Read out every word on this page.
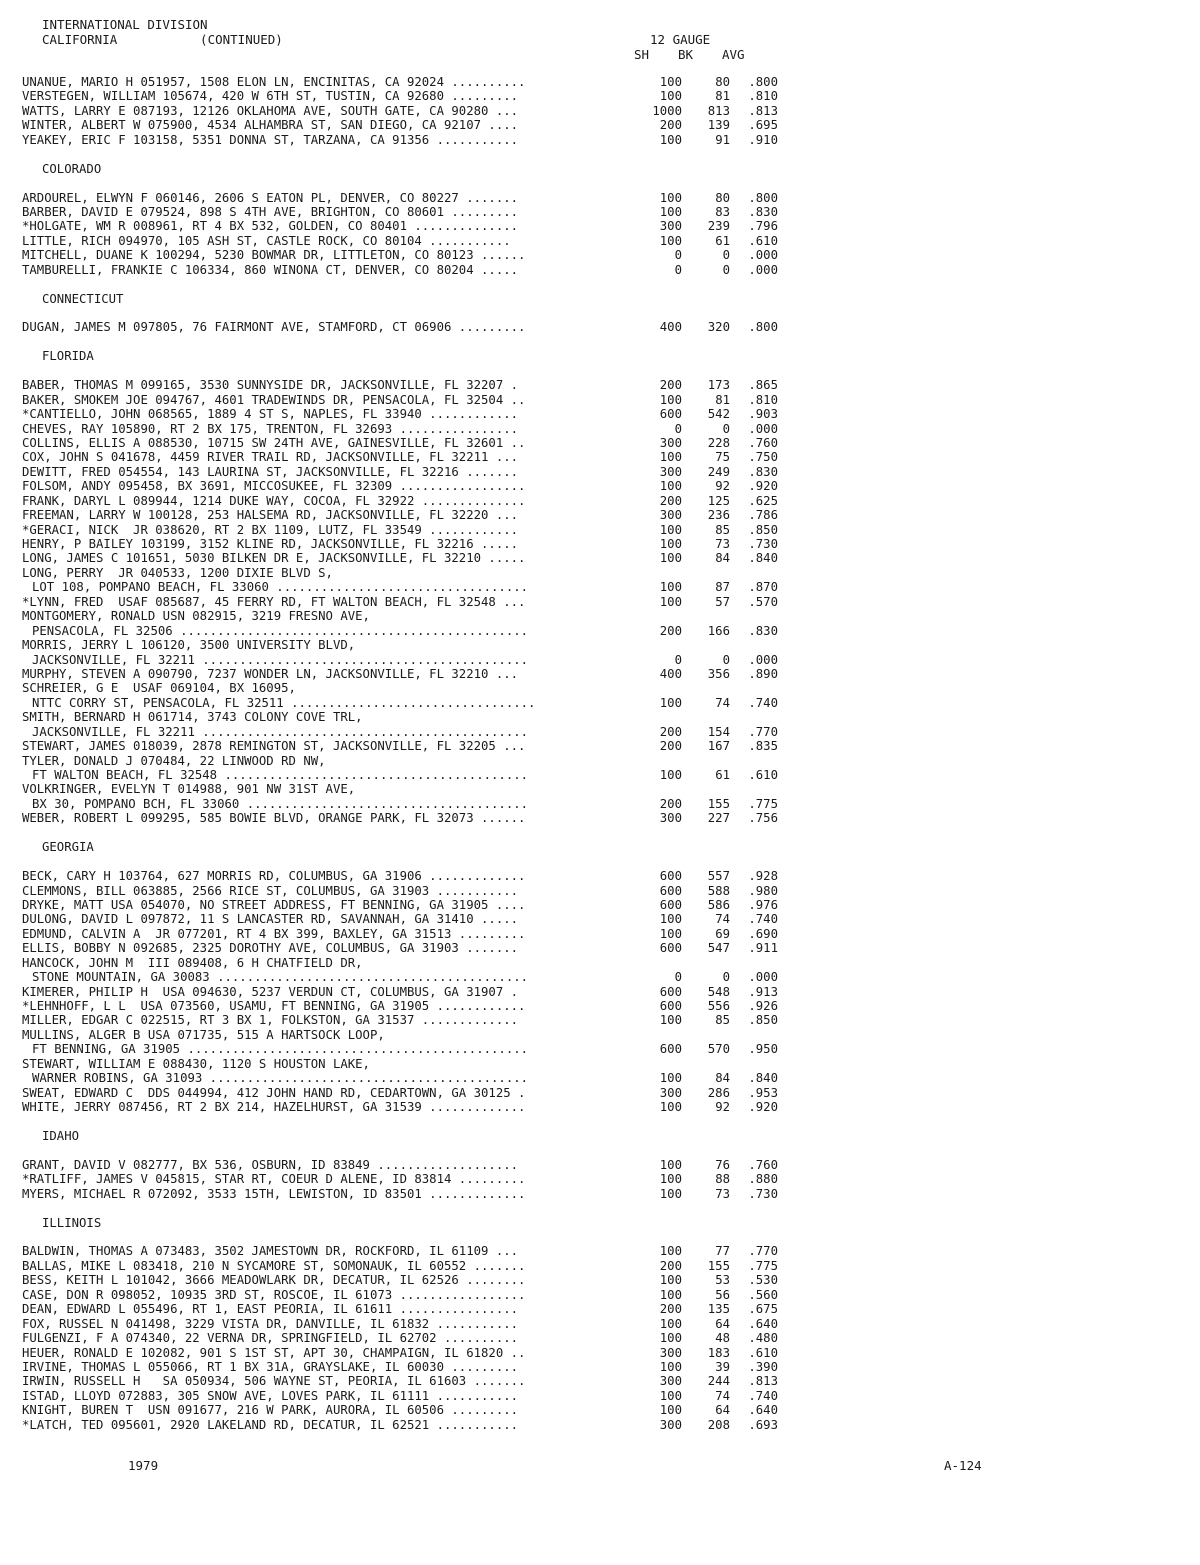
INTERNATIONAL DIVISION
CALIFORNIA           (CONTINUED)	12 GAUGE
SH BK AVG
UNANUE, MARIO H 051957, 1508 ELON LN, ENCINITAS, CA 92024 ..........	100	80	.800
VERSTEGEN, WILLIAM 105674, 420 W 6TH ST, TUSTIN, CA 92680 .........	100	81	.810
WATTS, LARRY E 087193, 12126 OKLAHOMA AVE, SOUTH GATE, CA 90280 ...	1000	813	.813
WINTER, ALBERT W 075900, 4534 ALHAMBRA ST, SAN DIEGO, CA 92107 ....	200	139	.695
YEAKEY, ERIC F 103158, 5351 DONNA ST, TARZANA, CA 91356 ...........	100	91	.910
COLORADO
ARDOUREL, ELWYN F 060146, 2606 S EATON PL, DENVER, CO 80227 .......	100	80	.800
BARBER, DAVID E 079524, 898 S 4TH AVE, BRIGHTON, CO 80601 .........	100	83	.830
*HOLGATE, WM R 008961, RT 4 BX 532, GOLDEN, CO 80401 ..............	300	239	.796
LITTLE, RICH 094970, 105 ASH ST, CASTLE ROCK, CO 80104 ...........	100	61	.610
MITCHELL, DUANE K 100294, 5230 BOWMAR DR, LITTLETON, CO 80123 ......	0	0	.000
TAMBURELLI, FRANKIE C 106334, 860 WINONA CT, DENVER, CO 80204 .....	0	0	.000
CONNECTICUT
DUGAN, JAMES M 097805, 76 FAIRMONT AVE, STAMFORD, CT 06906 .........	400	320	.800
FLORIDA
BABER, THOMAS M 099165, 3530 SUNNYSIDE DR, JACKSONVILLE, FL 32207 .	200	173	.865
BAKER, SMOKEM JOE 094767, 4601 TRADEWINDS DR, PENSACOLA, FL 32504 ..	100	81	.810
*CANTIELLO, JOHN 068565, 1889 4 ST S, NAPLES, FL 33940 ............	600	542	.903
CHEVES, RAY 105890, RT 2 BX 175, TRENTON, FL 32693 ................	0	0	.000
COLLINS, ELLIS A 088530, 10715 SW 24TH AVE, GAINESVILLE, FL 32601 ..	300	228	.760
COX, JOHN S 041678, 4459 RIVER TRAIL RD, JACKSONVILLE, FL 32211 ...	100	75	.750
DEWITT, FRED 054554, 143 LAURINA ST, JACKSONVILLE, FL 32216 .......	300	249	.830
FOLSOM, ANDY 095458, BX 3691, MICCOSUKEE, FL 32309 .................	100	92	.920
FRANK, DARYL L 089944, 1214 DUKE WAY, COCOA, FL 32922 ..............	200	125	.625
FREEMAN, LARRY W 100128, 253 HALSEMA RD, JACKSONVILLE, FL 32220 ...	300	236	.786
*GERACI, NICK  JR 038620, RT 2 BX 1109, LUTZ, FL 33549 ............	100	85	.850
HENRY, P BAILEY 103199, 3152 KLINE RD, JACKSONVILLE, FL 32216 .....	100	73	.730
LONG, JAMES C 101651, 5030 BILKEN DR E, JACKSONVILLE, FL 32210 .....	100	84	.840
LONG, PERRY  JR 040533, 1200 DIXIE BLVD S,
LOT 108, POMPANO BEACH, FL 33060 ..................................	100	87	.870
*LYNN, FRED  USAF 085687, 45 FERRY RD, FT WALTON BEACH, FL 32548 ...	100	57	.570
MONTGOMERY, RONALD USN 082915, 3219 FRESNO AVE,
PENSACOLA, FL 32506 ...............................................	200	166	.830
MORRIS, JERRY L 106120, 3500 UNIVERSITY BLVD,
JACKSONVILLE, FL 32211 ............................................	0	0	.000
MURPHY, STEVEN A 090790, 7237 WONDER LN, JACKSONVILLE, FL 32210 ...	400	356	.890
SCHREIER, G E  USAF 069104, BX 16095,
NTTC CORRY ST, PENSACOLA, FL 32511 .................................	100	74	.740
SMITH, BERNARD H 061714, 3743 COLONY COVE TRL,
JACKSONVILLE, FL 32211 ............................................	200	154	.770
STEWART, JAMES 018039, 2878 REMINGTON ST, JACKSONVILLE, FL 32205 ...	200	167	.835
TYLER, DONALD J 070484, 22 LINWOOD RD NW,
FT WALTON BEACH, FL 32548 .........................................	100	61	.610
VOLKRINGER, EVELYN T 014988, 901 NW 31ST AVE,
BX 30, POMPANO BCH, FL 33060 ......................................	200	155	.775
WEBER, ROBERT L 099295, 585 BOWIE BLVD, ORANGE PARK, FL 32073 ......	300	227	.756
GEORGIA
BECK, CARY H 103764, 627 MORRIS RD, COLUMBUS, GA 31906 .............	600	557	.928
CLEMMONS, BILL 063885, 2566 RICE ST, COLUMBUS, GA 31903 ...........	600	588	.980
DRYKE, MATT USA 054070, NO STREET ADDRESS, FT BENNING, GA 31905 ....	600	586	.976
DULONG, DAVID L 097872, 11 S LANCASTER RD, SAVANNAH, GA 31410 .....	100	74	.740
EDMUND, CALVIN A  JR 077201, RT 4 BX 399, BAXLEY, GA 31513 .........	100	69	.690
ELLIS, BOBBY N 092685, 2325 DOROTHY AVE, COLUMBUS, GA 31903 .......	600	547	.911
HANCOCK, JOHN M  III 089408, 6 H CHATFIELD DR,
STONE MOUNTAIN, GA 30083 ..........................................	0	0	.000
KIMERER, PHILIP H  USA 094630, 5237 VERDUN CT, COLUMBUS, GA 31907 .	600	548	.913
*LEHNHOFF, L L  USA 073560, USAMU, FT BENNING, GA 31905 ............	600	556	.926
MILLER, EDGAR C 022515, RT 3 BX 1, FOLKSTON, GA 31537 .............	100	85	.850
MULLINS, ALGER B USA 071735, 515 A HARTSOCK LOOP,
FT BENNING, GA 31905 ..............................................	600	570	.950
STEWART, WILLIAM E 088430, 1120 S HOUSTON LAKE,
WARNER ROBINS, GA 31093 ...........................................	100	84	.840
SWEAT, EDWARD C  DDS 044994, 412 JOHN HAND RD, CEDARTOWN, GA 30125 .	300	286	.953
WHITE, JERRY 087456, RT 2 BX 214, HAZELHURST, GA 31539 .............	100	92	.920
IDAHO
GRANT, DAVID V 082777, BX 536, OSBURN, ID 83849 ...................	100	76	.760
*RATLIFF, JAMES V 045815, STAR RT, COEUR D ALENE, ID 83814 .........	100	88	.880
MYERS, MICHAEL R 072092, 3533 15TH, LEWISTON, ID 83501 .............	100	73	.730
ILLINOIS
BALDWIN, THOMAS A 073483, 3502 JAMESTOWN DR, ROCKFORD, IL 61109 ...	100	77	.770
BALLAS, MIKE L 083418, 210 N SYCAMORE ST, SOMONAUK, IL 60552 .......	200	155	.775
BESS, KEITH L 101042, 3666 MEADOWLARK DR, DECATUR, IL 62526 ........	100	53	.530
CASE, DON R 098052, 10935 3RD ST, ROSCOE, IL 61073 .................	100	56	.560
DEAN, EDWARD L 055496, RT 1, EAST PEORIA, IL 61611 ................	200	135	.675
FOX, RUSSEL N 041498, 3229 VISTA DR, DANVILLE, IL 61832 ...........	100	64	.640
FULGENZI, F A 074340, 22 VERNA DR, SPRINGFIELD, IL 62702 ..........	100	48	.480
HEUER, RONALD E 102082, 901 S 1ST ST, APT 30, CHAMPAIGN, IL 61820 ..	300	183	.610
IRVINE, THOMAS L 055066, RT 1 BX 31A, GRAYSLAKE, IL 60030 .........	100	39	.390
IRWIN, RUSSELL H   SA 050934, 506 WAYNE ST, PEORIA, IL 61603 .......	300	244	.813
ISTAD, LLOYD 072883, 305 SNOW AVE, LOVES PARK, IL 61111 ...........	100	74	.740
KNIGHT, BUREN T  USN 091677, 216 W PARK, AURORA, IL 60506 .........	100	64	.640
*LATCH, TED 095601, 2920 LAKELAND RD, DECATUR, IL 62521 ...........	300	208	.693
1979	A-124
